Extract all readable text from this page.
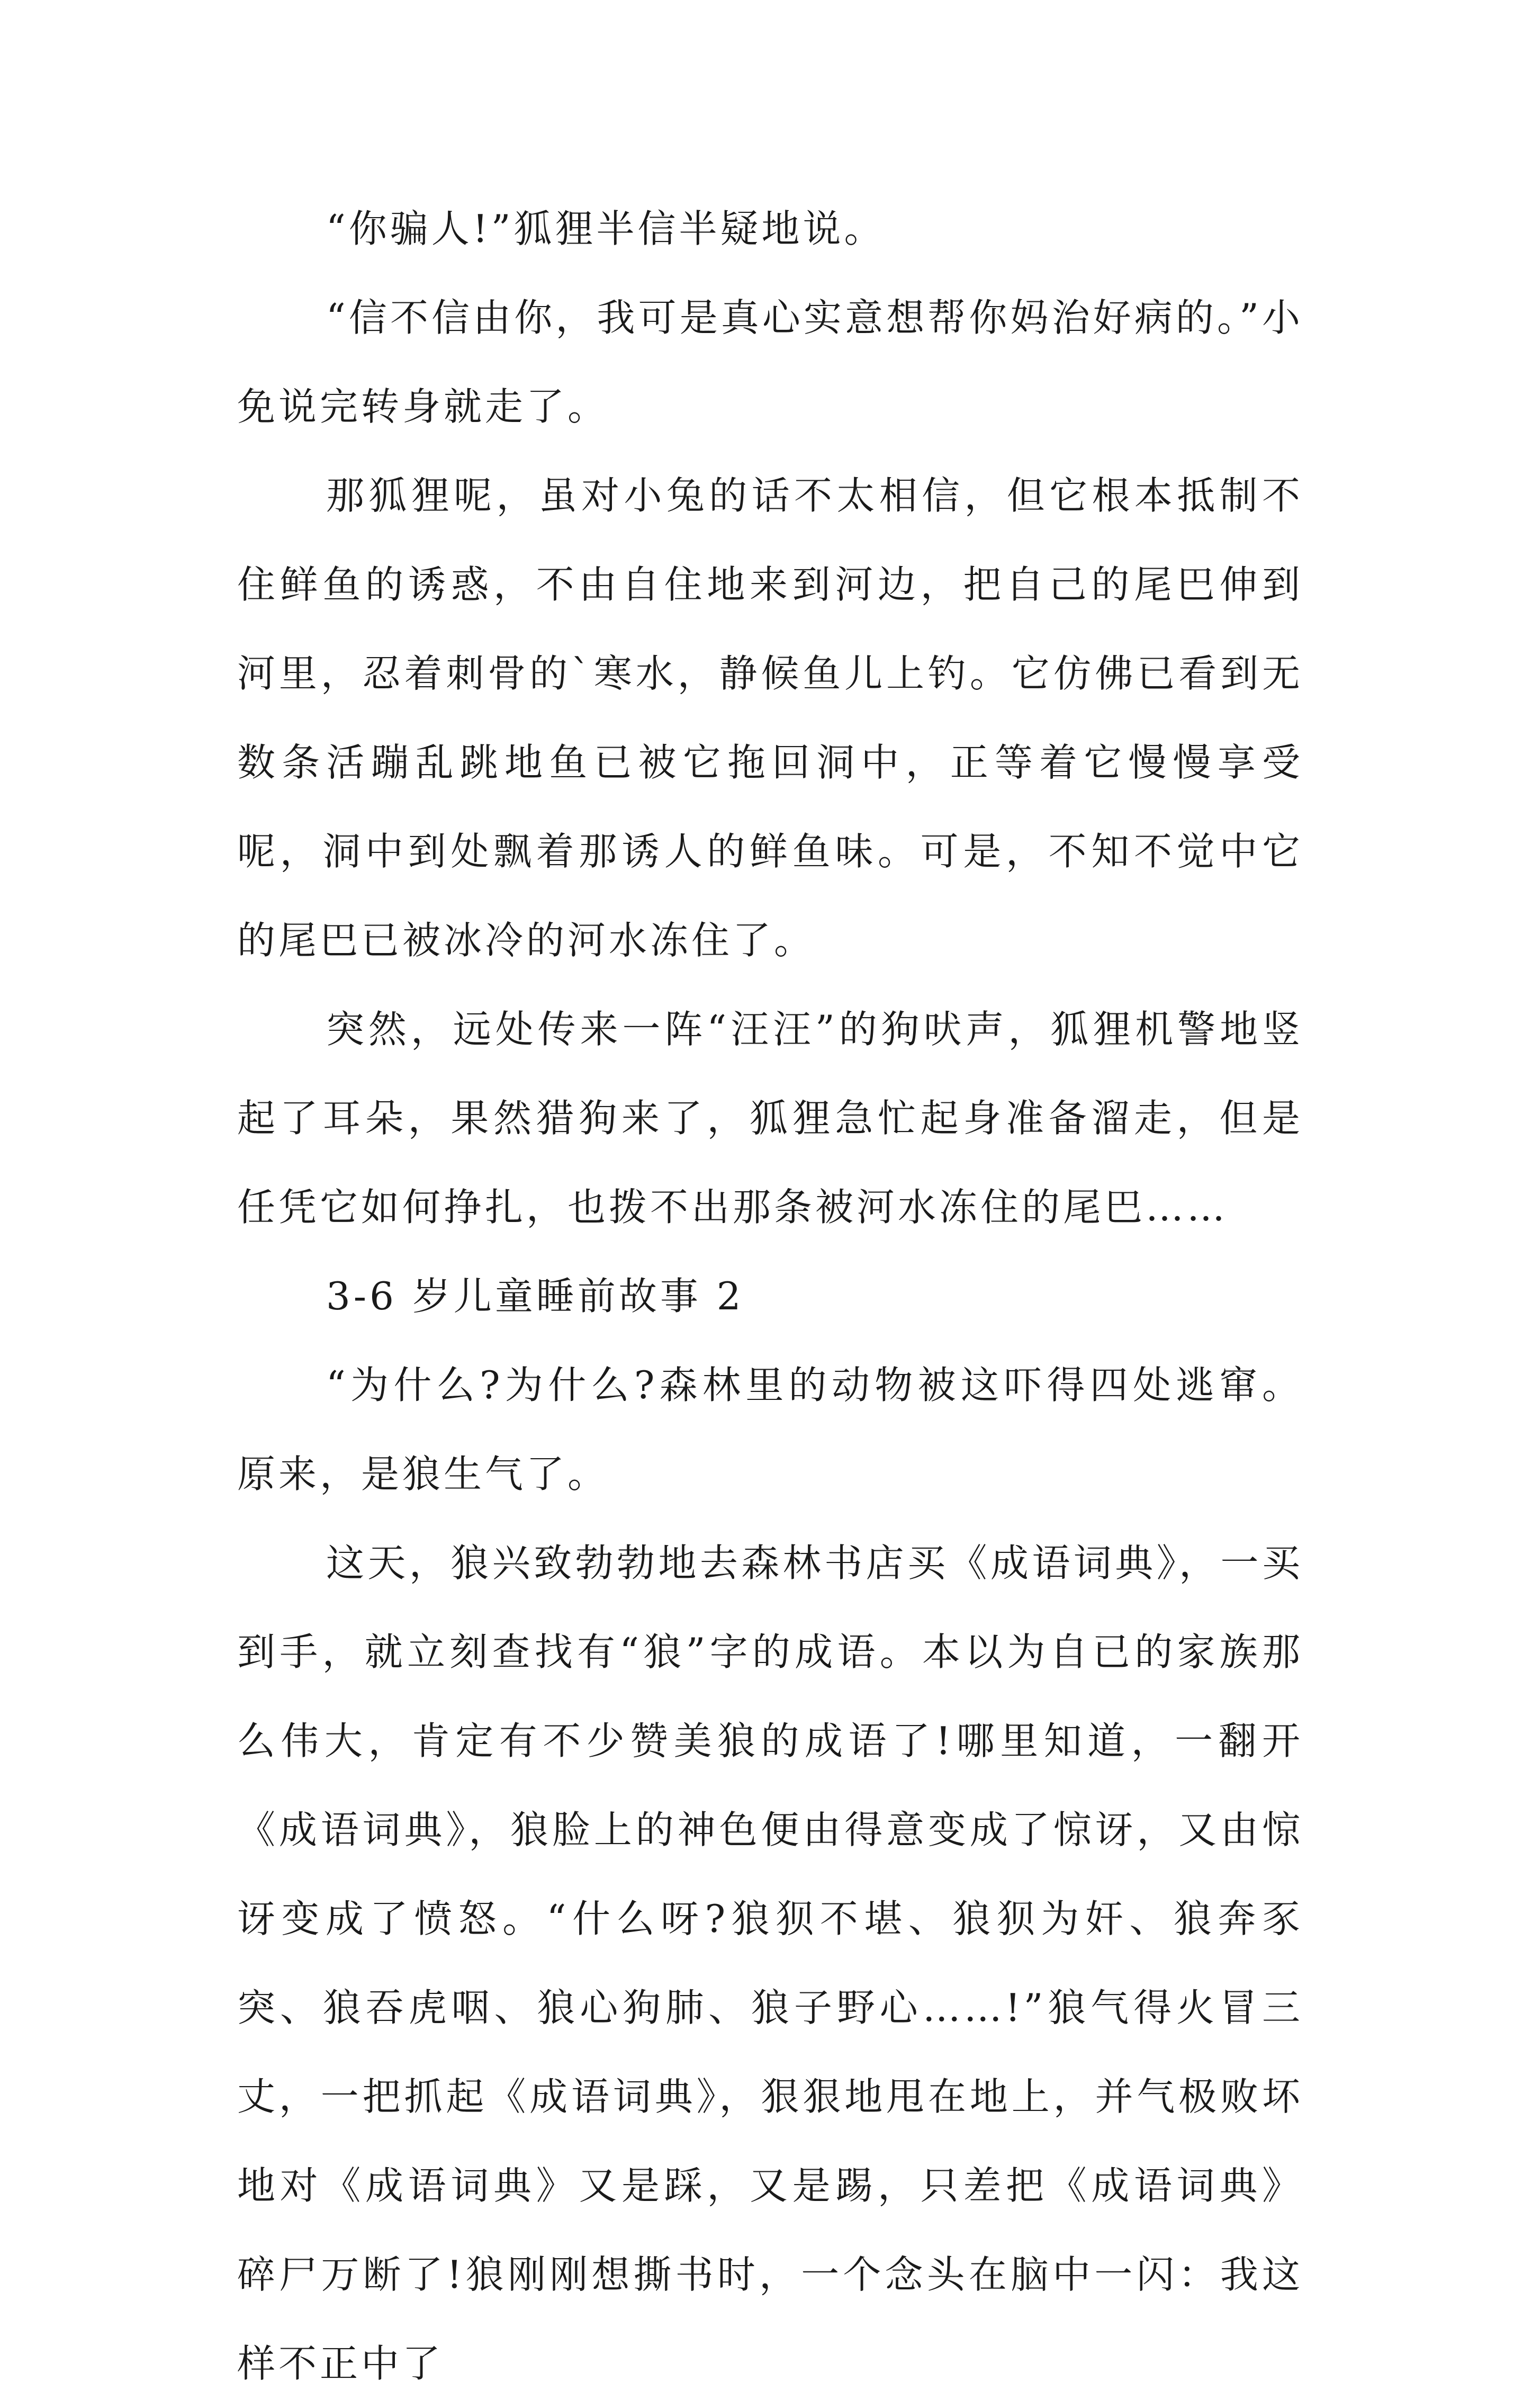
“你骗人!”狐狸半信半疑地说。

“信不信由你，我可是真心实意想帮你妈治好病的。”小免说完转身就走了。

那狐狸呢，虽对小兔的话不太相信，但它根本抵制不住鲜鱼的诱惑，不由自住地来到河边，把自己的尾巴伸到河里，忍着刺骨的`寒水，静候鱼儿上钓。它仿佛已看到无数条活蹦乱跳地鱼已被它拖回洞中，正等着它慢慢享受呢，洞中到处飘着那诱人的鲜鱼味。可是，不知不觉中它的尾巴已被冰冷的河水冻住了。

突然，远处传来一阵“汪汪”的狗吠声，狐狸机警地竖起了耳朵，果然猎狗来了，狐狸急忙起身准备溜走，但是任凭它如何挣扎，也拨不出那条被河水冻住的尾巴……

3-6 岁儿童睡前故事 2

“为什么?为什么?森林里的动物被这吓得四处逃窜。原来，是狼生气了。

这天，狼兴致勃勃地去森林书店买《成语词典》，一买到手，就立刻查找有“狼”字的成语。本以为自已的家族那么伟大，肯定有不少赞美狼的成语了!哪里知道，一翻开《成语词典》，狼脸上的神色便由得意变成了惊讶，又由惊讶变成了愤怒。“什么呀?狼狈不堪、狼狈为奸、狼奔豕突、狼吞虎咽、狼心狗肺、狼子野心……!”狼气得火冒三丈，一把抓起《成语词典》，狠狠地甩在地上，并气极败坏地对《成语词典》又是踩，又是踢，只差把《成语词典》碎尸万断了!狼刚刚想撕书时，一个念头在脑中一闪：我这样不正中了
